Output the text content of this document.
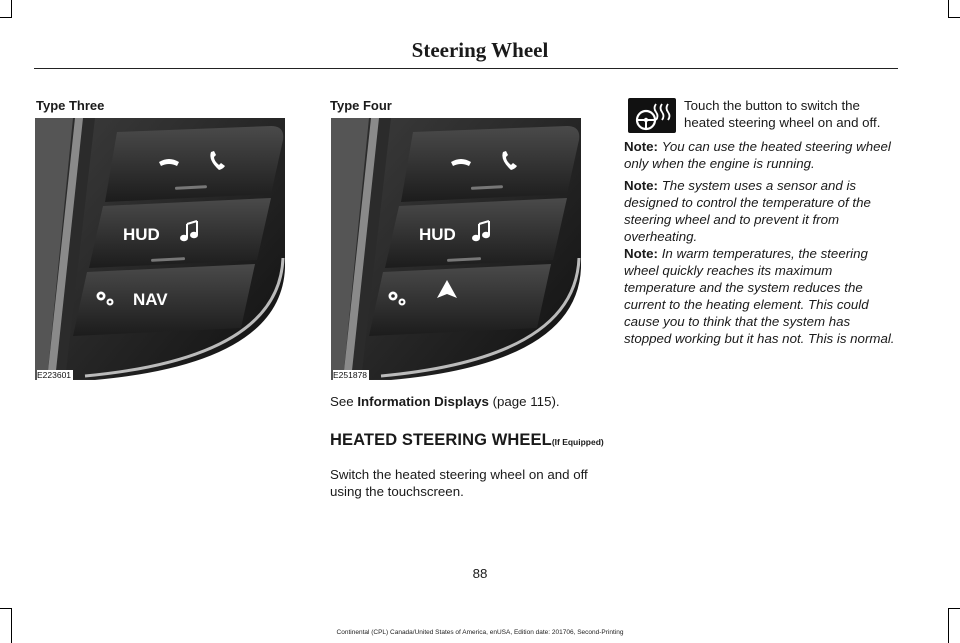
Steering Wheel
Type Three
HUD
NAV
E223601
Type Four
HUD
E251878
See Information Displays (page 115).
HEATED STEERING WHEEL(If Equipped)
Switch the heated steering wheel on and off using the touchscreen.
Touch the button to switch the heated steering wheel on and off.
Note: You can use the heated steering wheel only when the engine is running.
Note: The system uses a sensor and is designed to control the temperature of the steering wheel and to prevent it from overheating.
Note: In warm temperatures, the steering wheel quickly reaches its maximum temperature and the system reduces the current to the heating element. This could cause you to think that the system has stopped working but it has not. This is normal.
88
Continental (CPL) Canada/United States of America, enUSA, Edition date: 201706, Second-Printing
